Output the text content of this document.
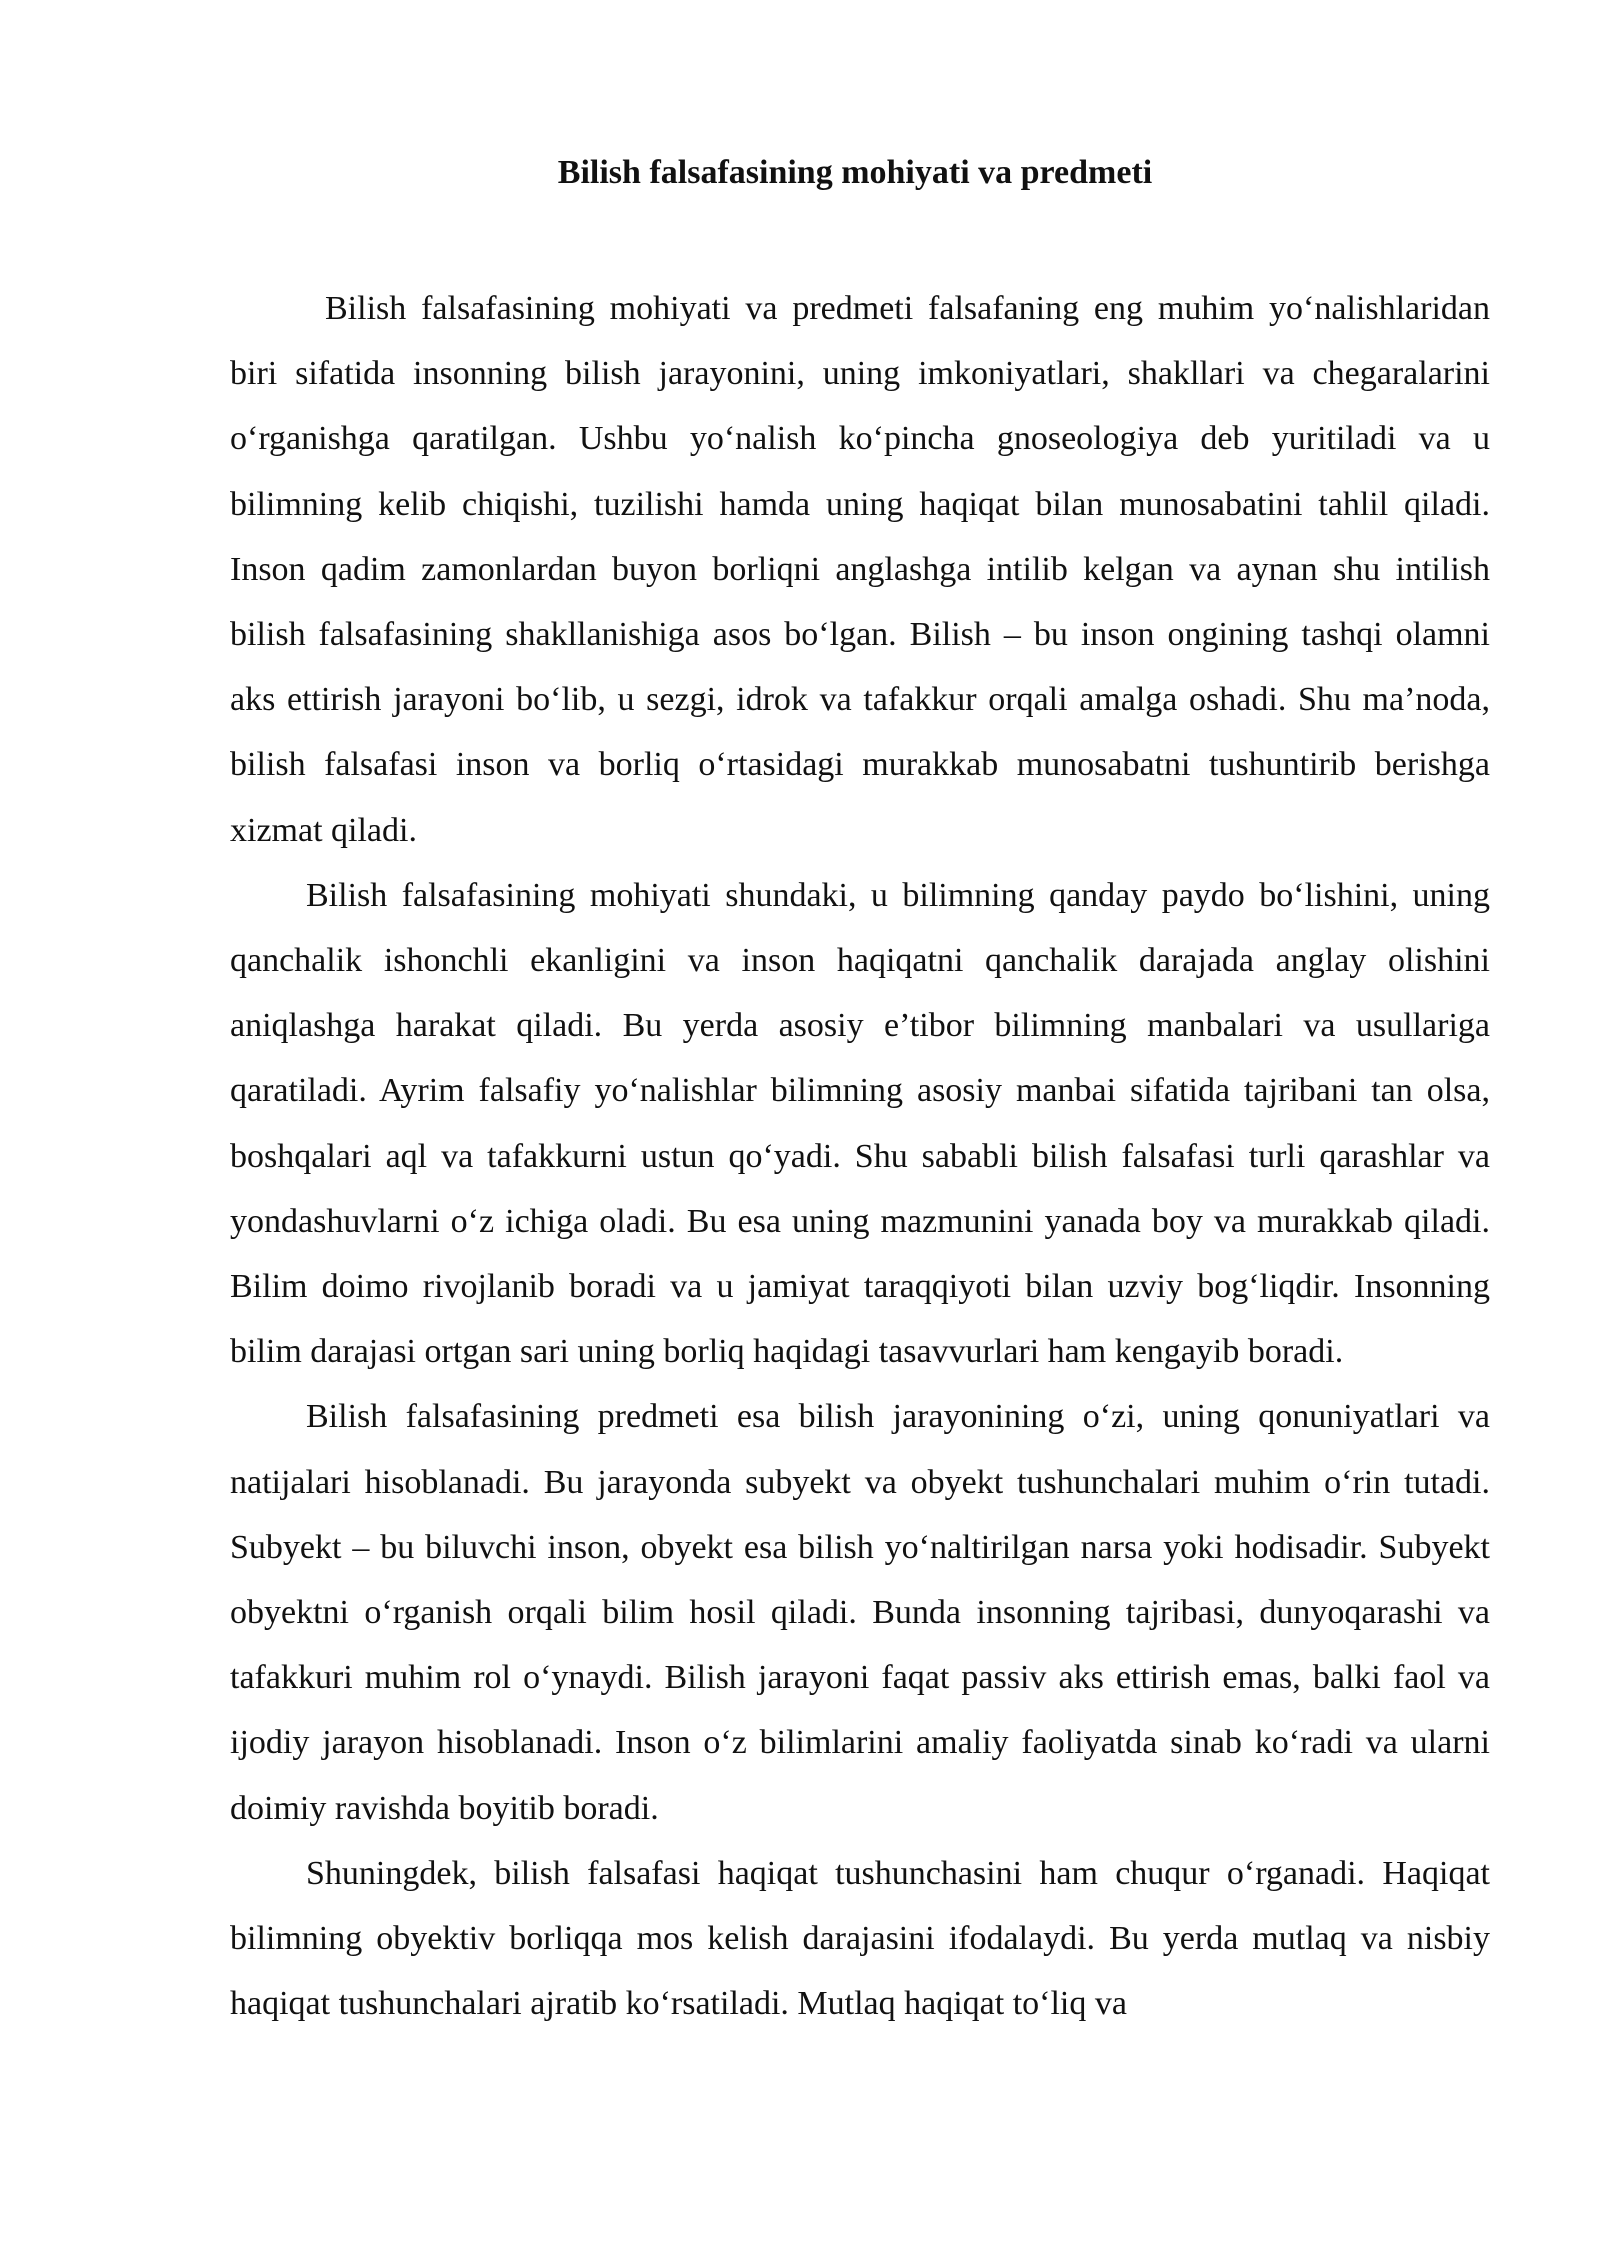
Bilish falsafasining mohiyati va predmeti

Bilish falsafasining mohiyati va predmeti falsafaning eng muhim yo‘nalishlaridan biri sifatida insonning bilish jarayonini, uning imkoniyatlari, shakllari va chegaralarini o‘rganishga qaratilgan. Ushbu yo‘nalish ko‘pincha gnoseologiya deb yuritiladi va u bilimning kelib chiqishi, tuzilishi hamda uning haqiqat bilan munosabatini tahlil qiladi. Inson qadim zamonlardan buyon borliqni anglashga intilib kelgan va aynan shu intilish bilish falsafasining shakllanishiga asos bo‘lgan. Bilish – bu inson ongining tashqi olamni aks ettirish jarayoni bo‘lib, u sezgi, idrok va tafakkur orqali amalga oshadi. Shu ma’noda, bilish falsafasi inson va borliq o‘rtasidagi murakkab munosabatni tushuntirib berishga xizmat qiladi.

Bilish falsafasining mohiyati shundaki, u bilimning qanday paydo bo‘lishini, uning qanchalik ishonchli ekanligini va inson haqiqatni qanchalik darajada anglay olishini aniqlashga harakat qiladi. Bu yerda asosiy e’tibor bilimning manbalari va usullariga qaratiladi. Ayrim falsafiy yo‘nalishlar bilimning asosiy manbai sifatida tajribani tan olsa, boshqalari aql va tafakkurni ustun qo‘yadi. Shu sababli bilish falsafasi turli qarashlar va yondashuvlarni o‘z ichiga oladi. Bu esa uning mazmunini yanada boy va murakkab qiladi. Bilim doimo rivojlanib boradi va u jamiyat taraqqiyoti bilan uzviy bog‘liqdir. Insonning bilim darajasi ortgan sari uning borliq haqidagi tasavvurlari ham kengayib boradi.

Bilish falsafasining predmeti esa bilish jarayonining o‘zi, uning qonuniyatlari va natijalari hisoblanadi. Bu jarayonda subyekt va obyekt tushunchalari muhim o‘rin tutadi. Subyekt – bu biluvchi inson, obyekt esa bilish yo‘naltirilgan narsa yoki hodisadir. Subyekt obyektni o‘rganish orqali bilim hosil qiladi. Bunda insonning tajribasi, dunyoqarashi va tafakkuri muhim rol o‘ynaydi. Bilish jarayoni faqat passiv aks ettirish emas, balki faol va ijodiy jarayon hisoblanadi. Inson o‘z bilimlarini amaliy faoliyatda sinab ko‘radi va ularni doimiy ravishda boyitib boradi.

Shuningdek, bilish falsafasi haqiqat tushunchasini ham chuqur o‘rganadi. Haqiqat bilimning obyektiv borliqqa mos kelish darajasini ifodalaydi. Bu yerda mutlaq va nisbiy haqiqat tushunchalari ajratib ko‘rsatiladi. Mutlaq haqiqat to‘liq va
